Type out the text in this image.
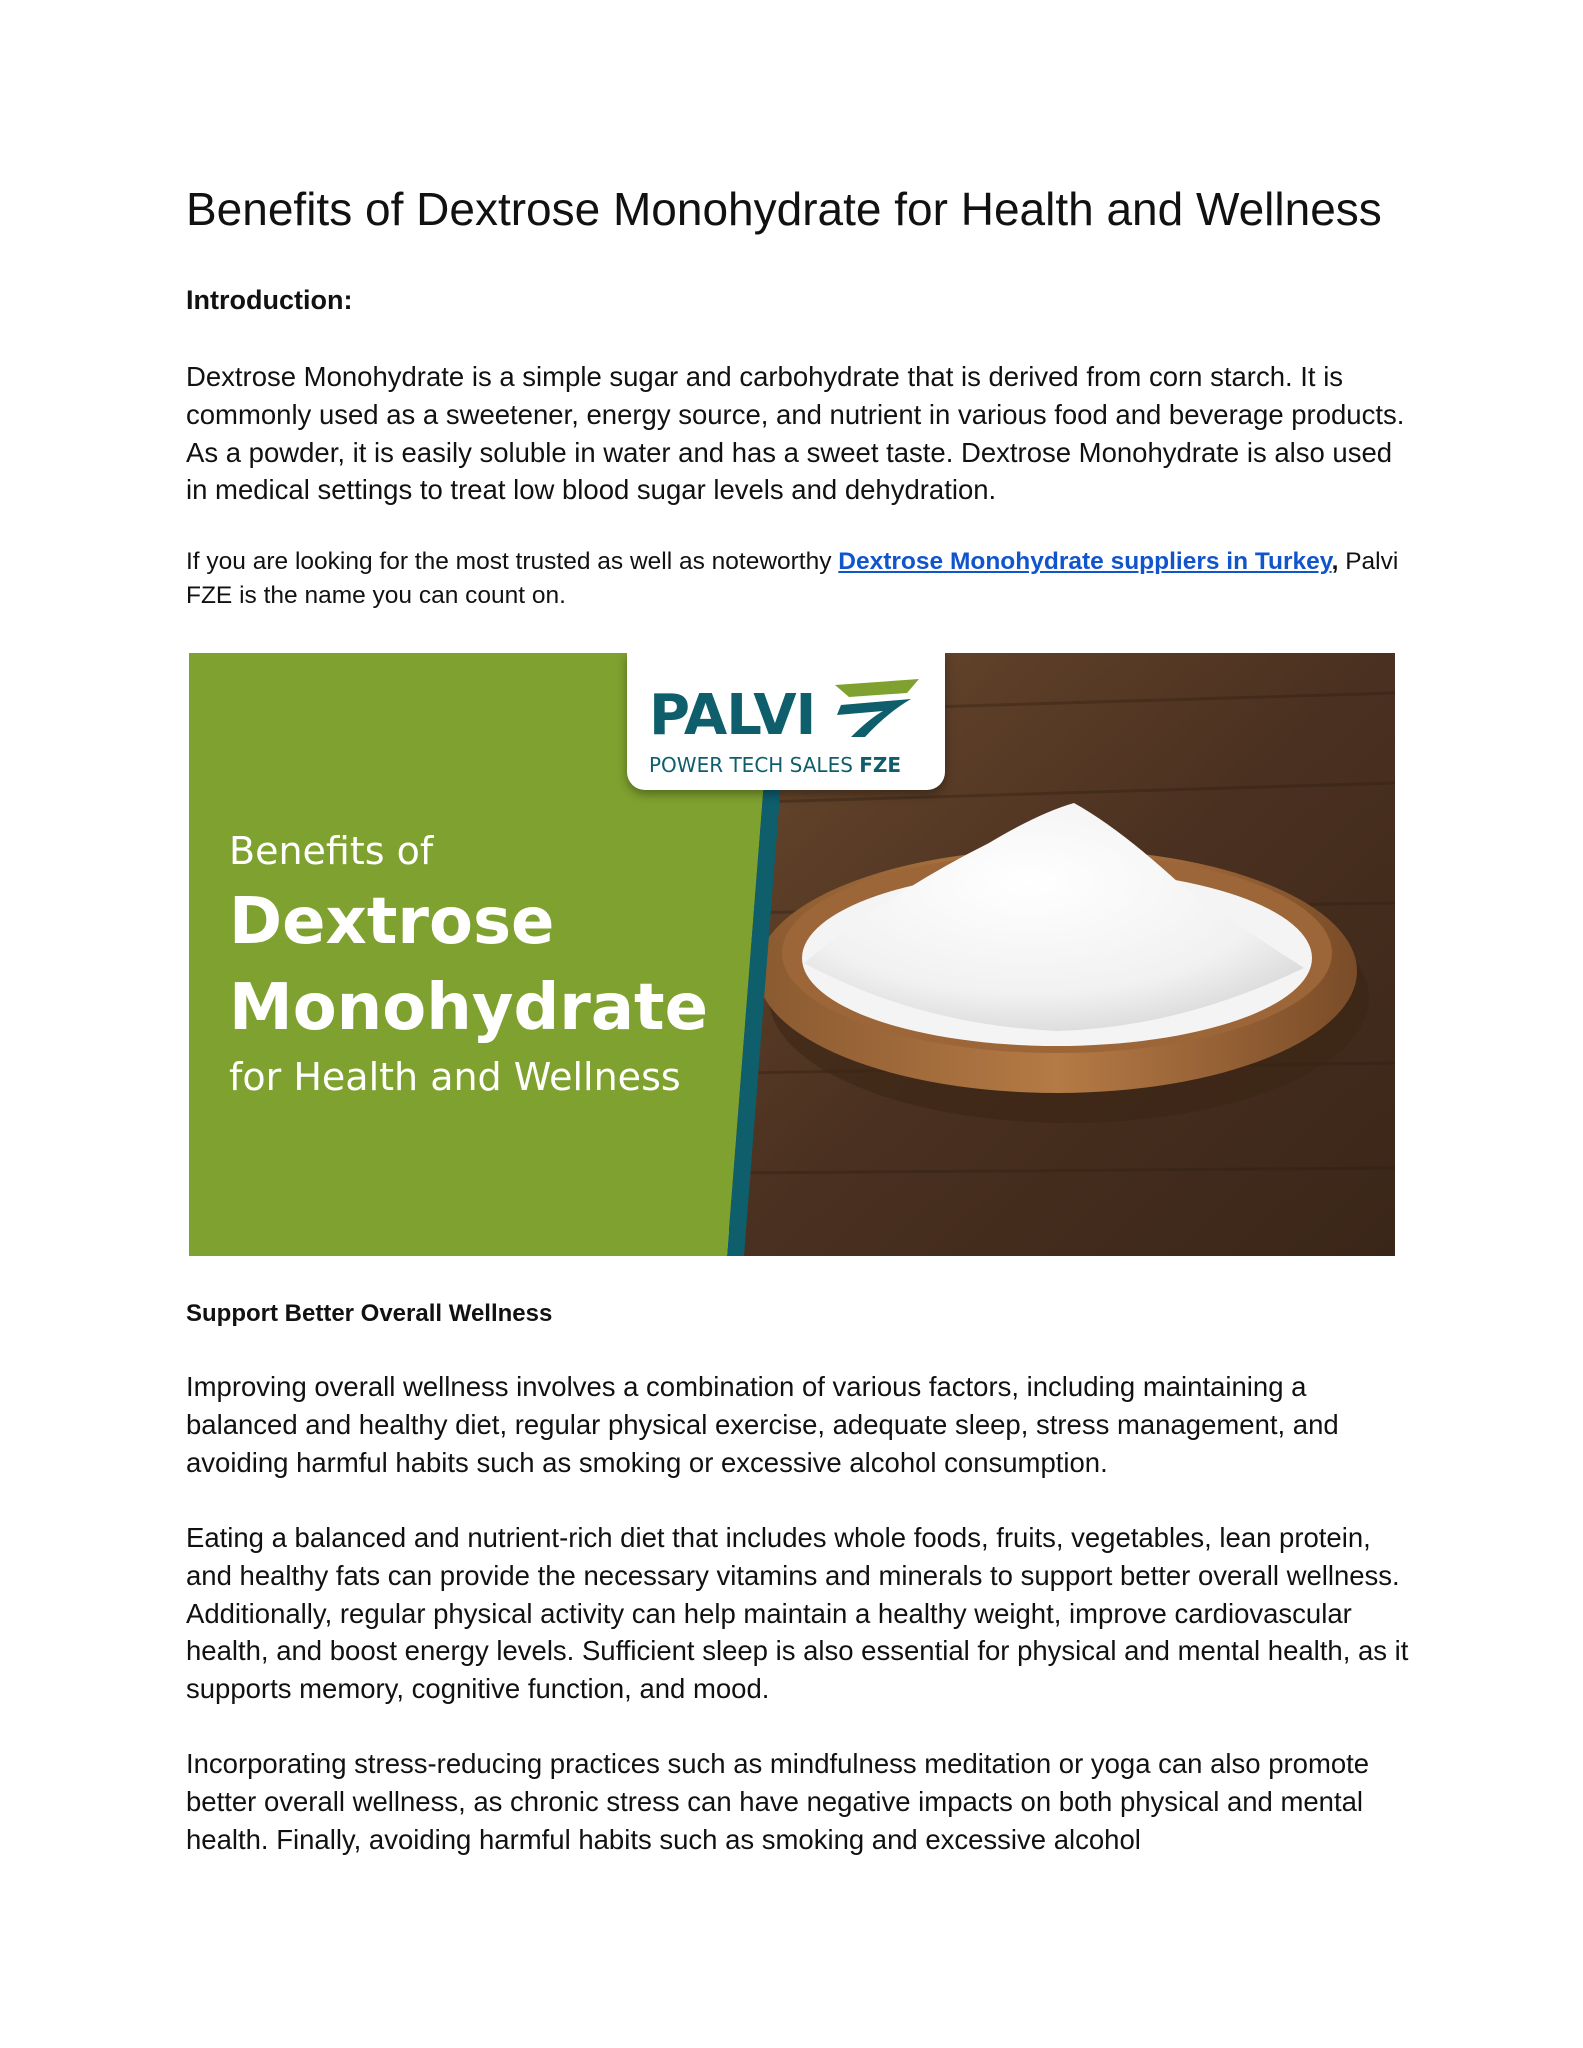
Benefits of Dextrose Monohydrate for Health and Wellness
Introduction:

Dextrose Monohydrate is a simple sugar and carbohydrate that is derived from corn starch. It is commonly used as a sweetener, energy source, and nutrient in various food and beverage products. As a powder, it is easily soluble in water and has a sweet taste. Dextrose Monohydrate is also used in medical settings to treat low blood sugar levels and dehydration.

If you are looking for the most trusted as well as noteworthy Dextrose Monohydrate suppliers in Turkey, Palvi FZE is the name you can count on.

Benefits of
Dextrose
Monohydrate
for Health and Wellness
PALVI
POWER TECH SALES FZE
Support Better Overall Wellness

Improving overall wellness involves a combination of various factors, including maintaining a balanced and healthy diet, regular physical exercise, adequate sleep, stress management, and avoiding harmful habits such as smoking or excessive alcohol consumption.

Eating a balanced and nutrient-rich diet that includes whole foods, fruits, vegetables, lean protein, and healthy fats can provide the necessary vitamins and minerals to support better overall wellness. Additionally, regular physical activity can help maintain a healthy weight, improve cardiovascular health, and boost energy levels. Sufficient sleep is also essential for physical and mental health, as it supports memory, cognitive function, and mood.

Incorporating stress-reducing practices such as mindfulness meditation or yoga can also promote better overall wellness, as chronic stress can have negative impacts on both physical and mental health. Finally, avoiding harmful habits such as smoking and excessive alcohol
